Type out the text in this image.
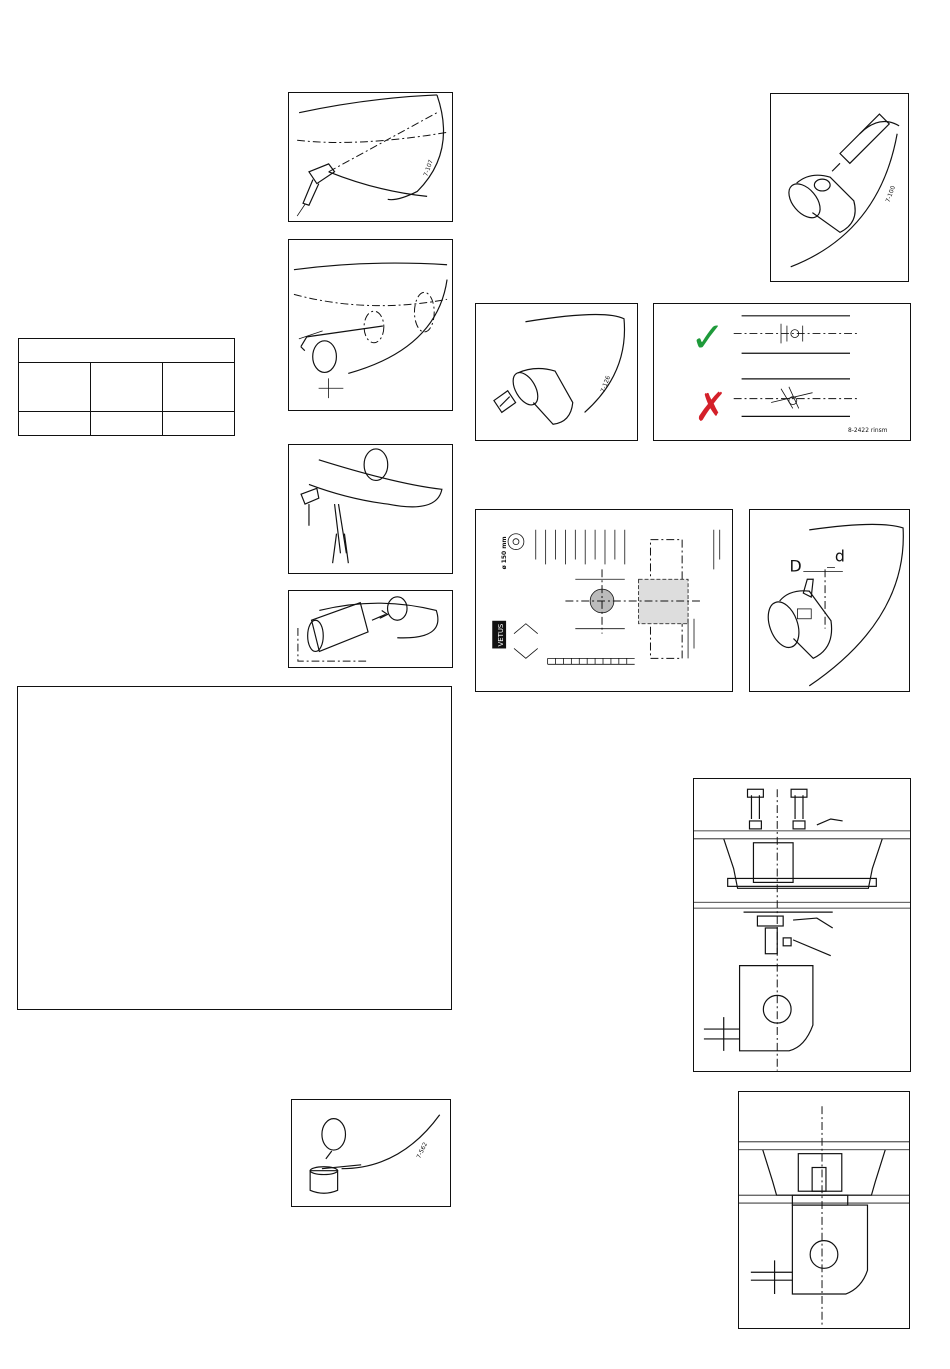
7-107

7-562
7-100
7-126
✓
✗
8-2422 rinsm
ø 150 mm
VETUS
D
d
